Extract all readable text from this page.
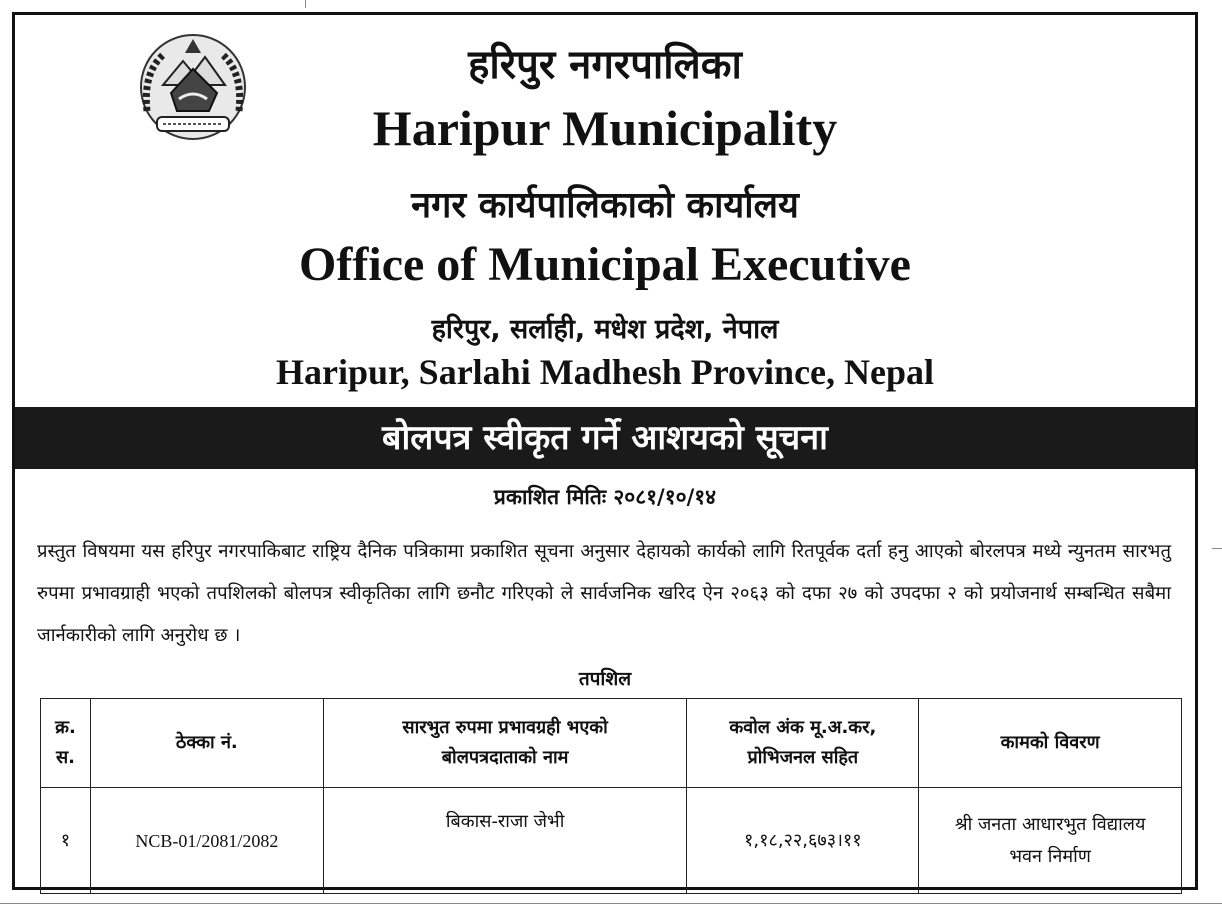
हरिपुर नगरपालिका
Haripur Municipality
नगर कार्यपालिकाको कार्यालय
Office of Municipal Executive
हरिपुर, सर्लाही, मधेश प्रदेश, नेपाल
Haripur, Sarlahi Madhesh Province, Nepal
बोलपत्र स्वीकृत गर्ने आशयको सूचना
प्रकाशित मितिः २०८१/१०/१४
प्रस्तुत विषयमा यस हरिपुर नगरपाकिबाट राष्ट्रिय दैनिक पत्रिकामा प्रकाशित सूचना अनुसार देहायको कार्यको लागि रितपूर्वक दर्ता हनु आएको बोरलपत्र मध्ये न्युनतम सारभतु रुपमा प्रभावग्राही भएको तपशिलको बोलपत्र स्वीकृतिका लागि छनौट गरिएको ले सार्वजनिक खरिद ऐन २०६३ को दफा २७ को उपदफा २ को प्रयोजनार्थ सम्बन्धित सबैमा जार्नकारीको लागि अनुरोध छ ।
तपशिल
क्र. स.	ठेक्का नं.	सारभुत रुपमा प्रभावग्रही भएको बोलपत्रदाताको नाम	कवोल अंक मू.अ.कर, प्रोभिजनल सहित	कामको विवरण
१	NCB-01/2081/2082	बिकास-राजा जेभी	१,१८,२२,६७३।११	श्री जनता आधारभुत विद्यालय भवन निर्माण
